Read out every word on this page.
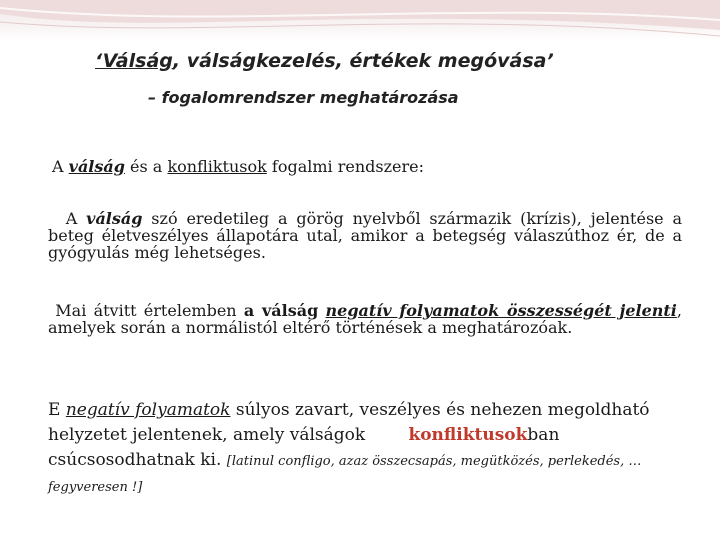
‘Válság, válságkezelés, értékek megóvása’
– fogalomrendszer meghatározása
A válság és a konfliktusok fogalmi rendszere:
A válság szó eredetileg a görög nyelvből származik (krízis), jelentése a beteg életveszélyes állapotára utal, amikor a betegség válaszúthoz ér, de a gyógyulás még lehetséges.
Mai átvitt értelemben a válság negatív folyamatok összességét jelenti, amelyek során a normálistól eltérő történések a meghatározóak.
E negatív folyamatok súlyos zavart, veszélyes és nehezen megoldható helyzetet jelentenek, amely válságok        konfliktusokban csúcsosodhatnak ki. [latinul confligo, azaz összecsapás, megütközés, perlekedés, … fegyveresen !]
